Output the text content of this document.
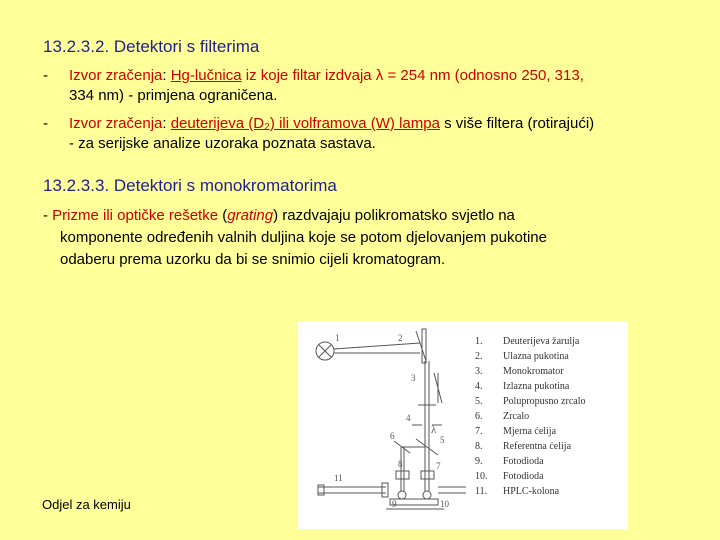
13.2.3.2. Detektori s filterima
- Izvor zračenja: Hg-lučnica iz koje filtar izdvaja λ = 254 nm (odnosno 250, 313,
334 nm) - primjena ograničena.
- Izvor zračenja: deuterijeva (D₂) ili volframova (W) lampa s više filtera (rotirajući)
- za serijske analize uzoraka poznata sastava.
13.2.3.3. Detektori s monokromatorima
- Prizme ili optičke rešetke (grating) razdvajaju polikromatsko svjetlo na
komponente određenih valnih duljina koje se potom djelovanjem pukotine
odaberu prema uzorku da bi se snimio cijeli kromatogram.
1	2
3
4
5
6
8	7
9	10
11
λ
1.	Deuterijeva žarulja
2.	Ulazna pukotina
3.	Monokromator
4.	Izlazna pukotina
5.	Polupropusno zrcalo
6.	Zrcalo
7.	Mjerna ćelija
8.	Referentna ćelija
9.	Fotodioda
10.	Fotodioda
11.	HPLC-kolona
Odjel za kemiju
